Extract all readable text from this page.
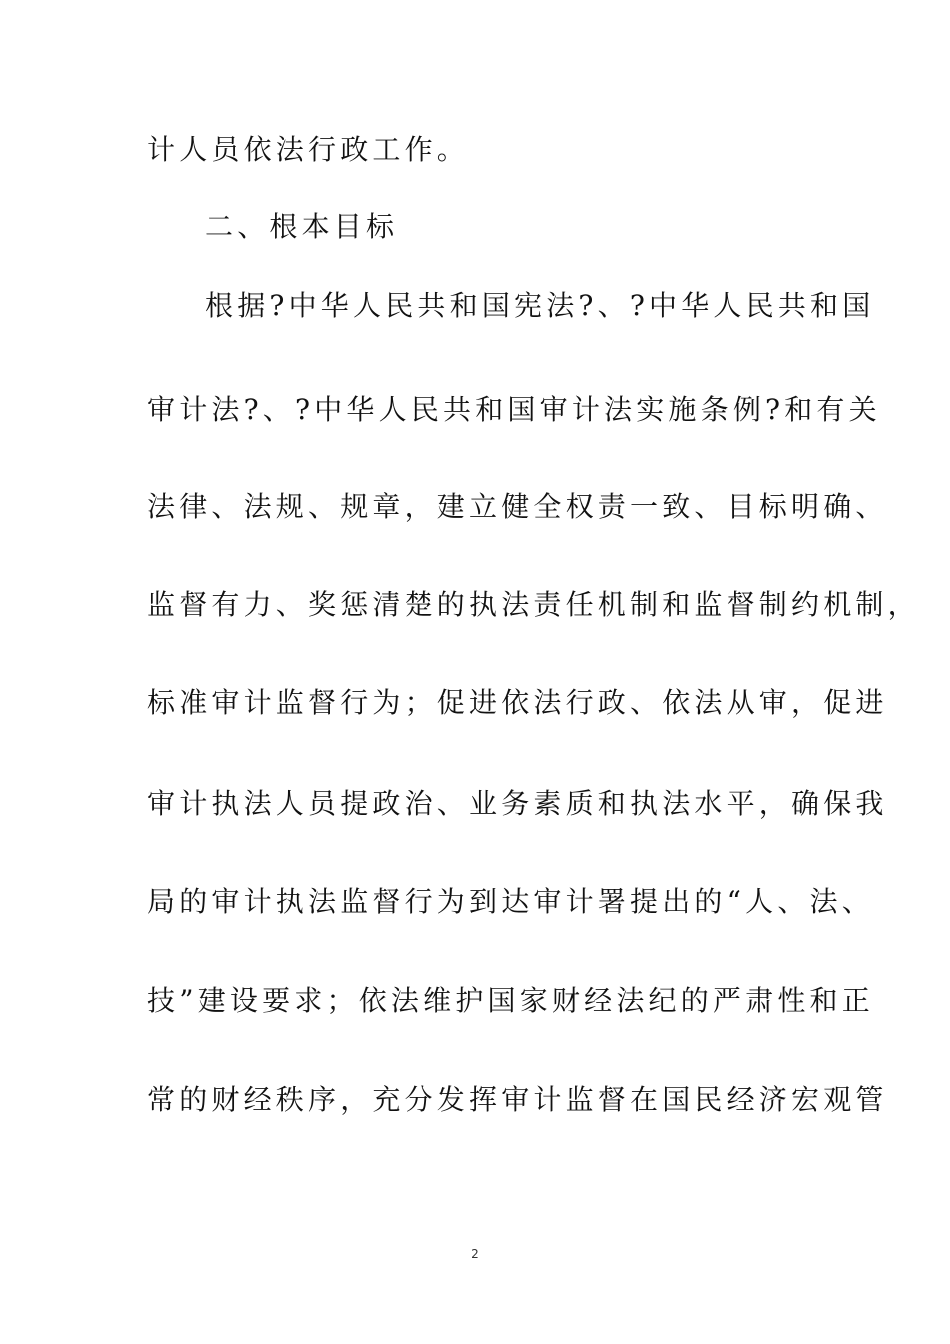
计人员依法行政工作。
二、根本目标
根据?中华人民共和国宪法?、?中华人民共和国
审计法?、?中华人民共和国审计法实施条例?和有关
法律、法规、规章，建立健全权责一致、目标明确、
监督有力、奖惩清楚的执法责任机制和监督制约机制，
标准审计监督行为；促进依法行政、依法从审，促进
审计执法人员提政治、业务素质和执法水平，确保我
局的审计执法监督行为到达审计署提出的“人、法、
技”建设要求；依法维护国家财经法纪的严肃性和正
常的财经秩序，充分发挥审计监督在国民经济宏观管
2
